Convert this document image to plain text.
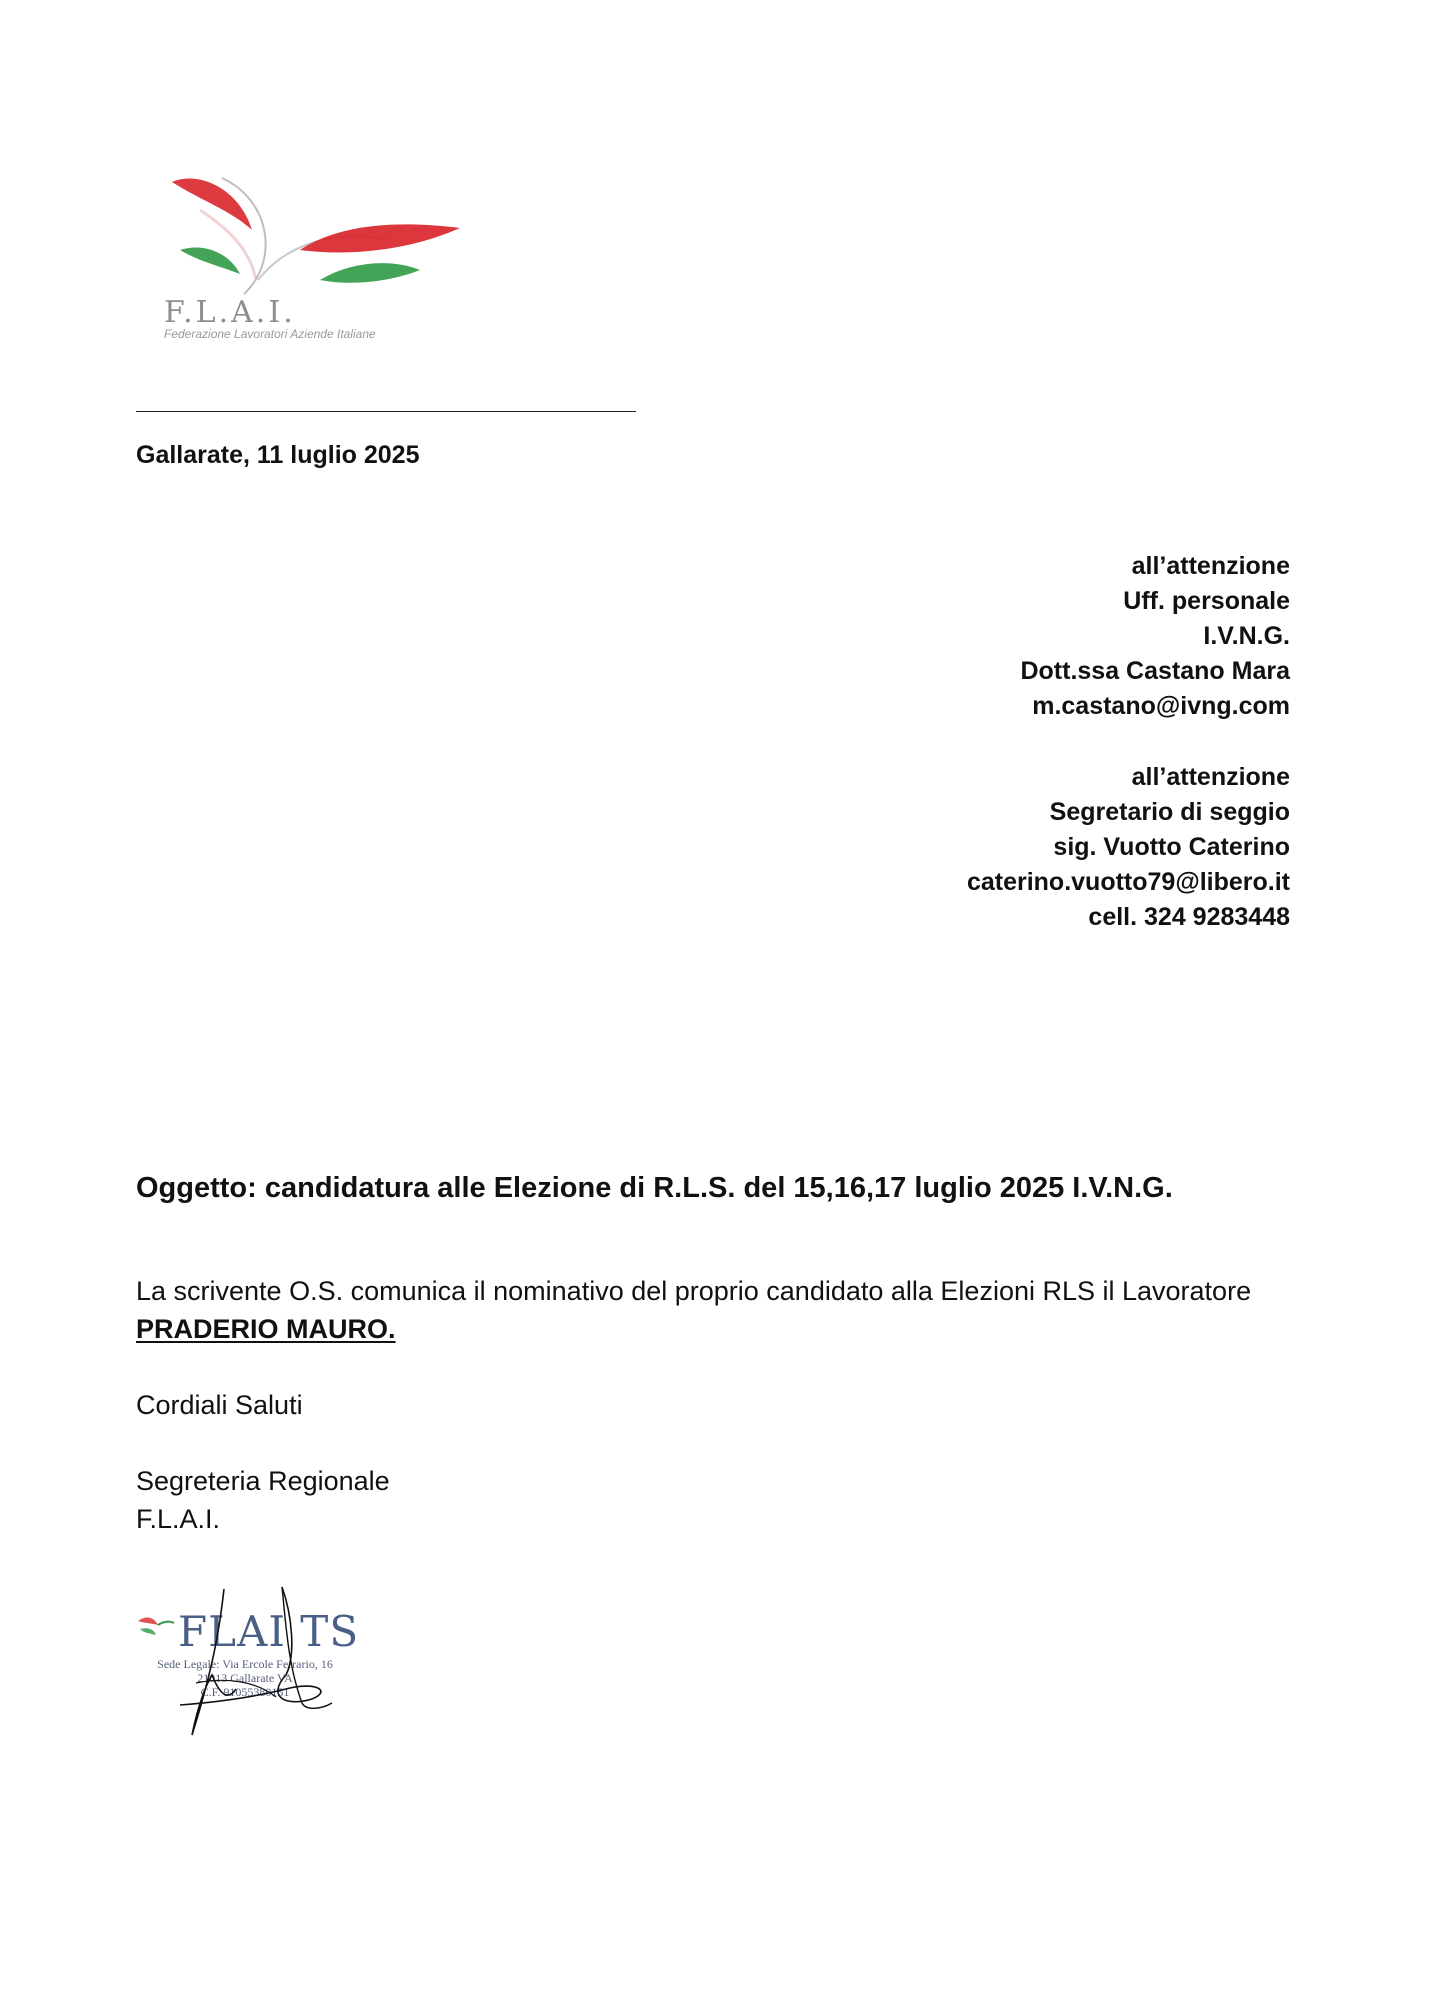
F.L.A.I.
Federazione Lavoratori Aziende Italiane
Gallarate, 11 luglio 2025
all’attenzione
Uff. personale
I.V.N.G.
Dott.ssa Castano Mara
m.castano@ivng.com
all’attenzione
Segretario di seggio
sig. Vuotto Caterino
caterino.vuotto79@libero.it
cell. 324 9283448
Oggetto: candidatura alle Elezione di R.L.S. del 15,16,17 luglio 2025 I.V.N.G.
La scrivente O.S. comunica il nominativo del proprio candidato alla Elezioni RLS il Lavoratore
PRADERIO MAURO.
Cordiali Saluti
Segreteria Regionale
F.L.A.I.
FLAI TS
Sede Legale: Via Ercole Ferrario, 16
21013 Gallarate VA
C.F. 91055380151
